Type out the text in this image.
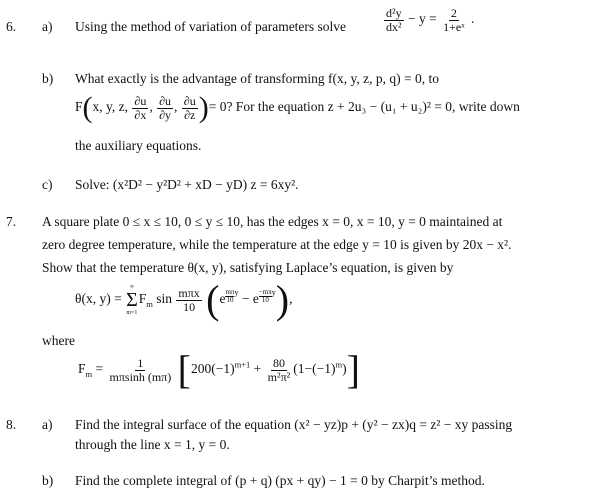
6. a) Using the method of variation of parameters solve	$\frac{\text{d²y}}{\text{dx²}} - y = \frac{2}{\text{1+eˣ}}$ .
b) What exactly is the advantage of transforming f(x, y, z, p, q) = 0, to
F(x, y, z, $\frac{\partial u}{\partial x}$ , $\frac{\partial u}{\partial y}$ , $\frac{\partial u}{\partial z}$ )= 0? For the equation z + 2u₃ − (u₁ + u₂)² = 0, write down
the auxiliary equations.
c) Solve: (x²D² − y²D² + xD − yD) z = 6xy².
7. A square plate 0 ≤ x ≤ 10, 0 ≤ y ≤ 10, has the edges x = 0, x = 10, y = 0 maintained at
zero degree temperature, while the temperature at the edge y = 10 is given by 20x − x².
Show that the temperature θ(x, y), satisfying Laplace’s equation, is given by
θ(x, y) =
∞
Σ
m=1
$F_m$ $\sin \frac{\text{mπx}}{10} (e \frac{m\pi}{10} ^y - e \frac{-m\pi}{10} ^y)$,
where
$F_m = \frac{1}{m\pi\sinh (m\pi)} [200(-1)^{m+1} + \frac{80}{\text{m²π²}} (1-(-1)^m)]$
8. a) Find the integral surface of the equation (x² − yz)p + (y² − zx)q = z² − xy passing
through the line x = 1, y = 0.
b) Find the complete integral of (p + q) (px + qy) − 1 = 0 by Charpit’s method.
